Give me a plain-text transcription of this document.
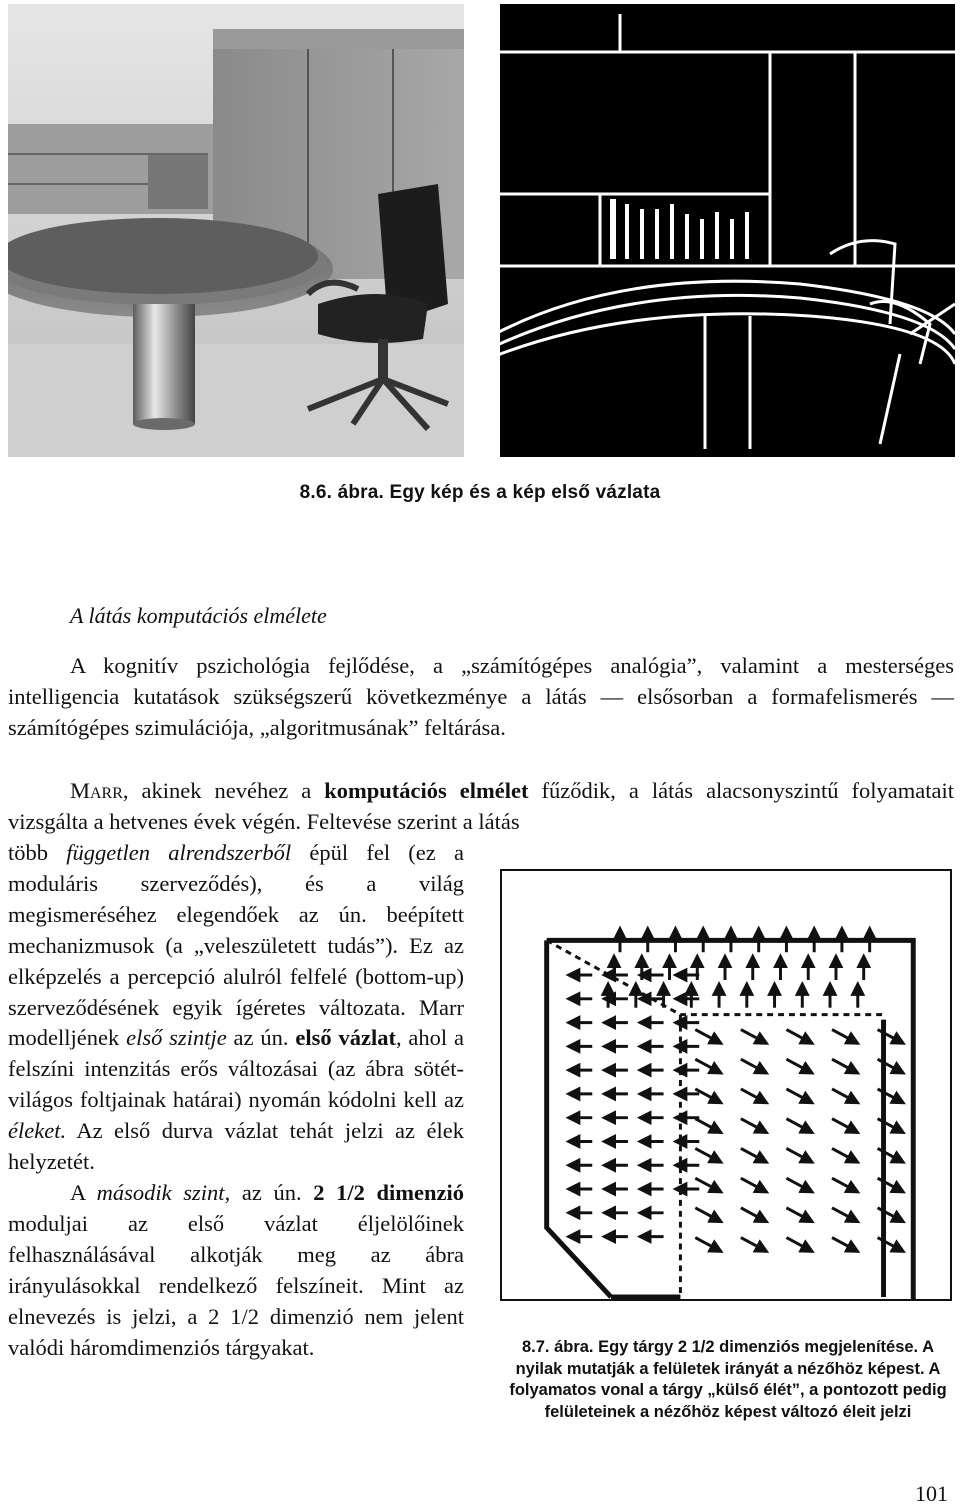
8.6. ábra. Egy kép és a kép első vázlata
A látás komputációs elmélete
A kognitív pszichológia fejlődése, a „számítógépes analógia”, valamint a mesterséges intelligencia kutatások szükségszerű következménye a látás — elsősorban a formafelismerés — számítógépes szimulációja, „algoritmusának” feltárása.
Marr, akinek nevéhez a komputációs elmélet fűződik, a látás alacsonyszintű folyamatait vizsgálta a hetvenes évek végén. Feltevése szerint a látás
több független alrendszerből épül fel (ez a moduláris szerveződés), és a világ megismeréséhez elegendőek az ún. beépített mechanizmusok (a „veleszületett tudás”). Ez az elképzelés a percepció alulról felfelé (bottom-up) szerveződésének egyik ígéretes változata. Marr modelljének első szintje az ún. első vázlat, ahol a felszíni intenzitás erős változásai (az ábra sötét-világos foltjainak határai) nyomán kódolni kell az éleket. Az első durva vázlat tehát jelzi az élek helyzetét.
A második szint, az ún. 2 1/2 dimenzió moduljai az első vázlat éljelölőinek felhasználásával alkotják meg az ábra irányulásokkal rendelkező felszíneit. Mint az elnevezés is jelzi, a 2 1/2 dimenzió nem jelent valódi háromdimenziós tárgyakat.	8.7. ábra. Egy tárgy 2 1/2 dimenziós megjelenítése. A nyilak mutatják a felületek irányát a nézőhöz képest. A folyamatos vonal a tárgy „külső élét”, a pontozott pedig felületeinek a nézőhöz képest változó éleit jelzi
101
